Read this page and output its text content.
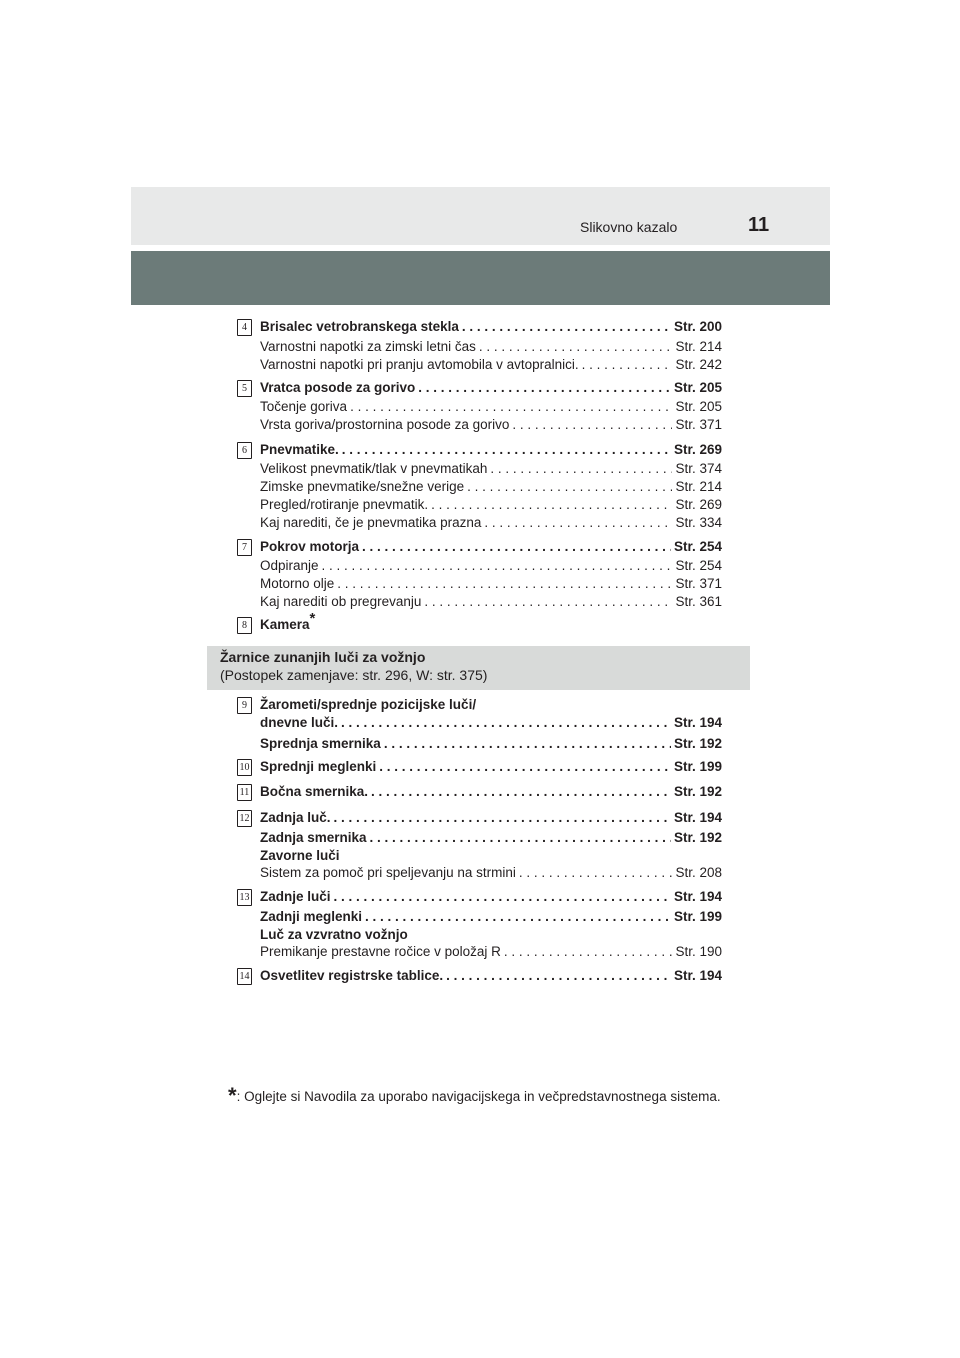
Slikovno kazalo	11
4 Brisalec vetrobranskega stekla . . .	Str. 200
Varnostni napotki za zimski letni čas . . .	Str. 214
Varnostni napotki pri pranju avtomobila v avtopralnici. . . .	Str. 242
5 Vratca posode za gorivo . . .	Str. 205
Točenje goriva . . .	Str. 205
Vrsta goriva/prostornina posode za gorivo . . .	Str. 371
6 Pnevmatike. . . .	Str. 269
Velikost pnevmatik/tlak v pnevmatikah . . .	Str. 374
Zimske pnevmatike/snežne verige . . .	Str. 214
Pregled/rotiranje pnevmatik. . . .	Str. 269
Kaj narediti, če je pnevmatika prazna . . .	Str. 334
7 Pokrov motorja . . .	Str. 254
Odpiranje . . .	Str. 254
Motorno olje . . .	Str. 371
Kaj narediti ob pregrevanju . . .	Str. 361
8 Kamera*
Žarnice zunanjih luči za vožnjo
(Postopek zamenjave: str. 296, W: str. 375)
9 Žarometi/sprednje pozicijske luči/
dnevne luči. . . .	Str. 194
Sprednja smernika . . .	Str. 192
10 Sprednji meglenki . . .	Str. 199
11 Bočna smernika. . . .	Str. 192
12 Zadnja luč. . . .	Str. 194
Zadnja smernika . . .	Str. 192
Zavorne luči
Sistem za pomoč pri speljevanju na strmini . . .	Str. 208
13 Zadnje luči . . .	Str. 194
Zadnji meglenki . . .	Str. 199
Luč za vzvratno vožnjo
Premikanje prestavne ročice v položaj R . . .	Str. 190
14 Osvetlitev registrske tablice. . . .	Str. 194
*: Oglejte si Navodila za uporabo navigacijskega in večpredstavnostnega sistema.
